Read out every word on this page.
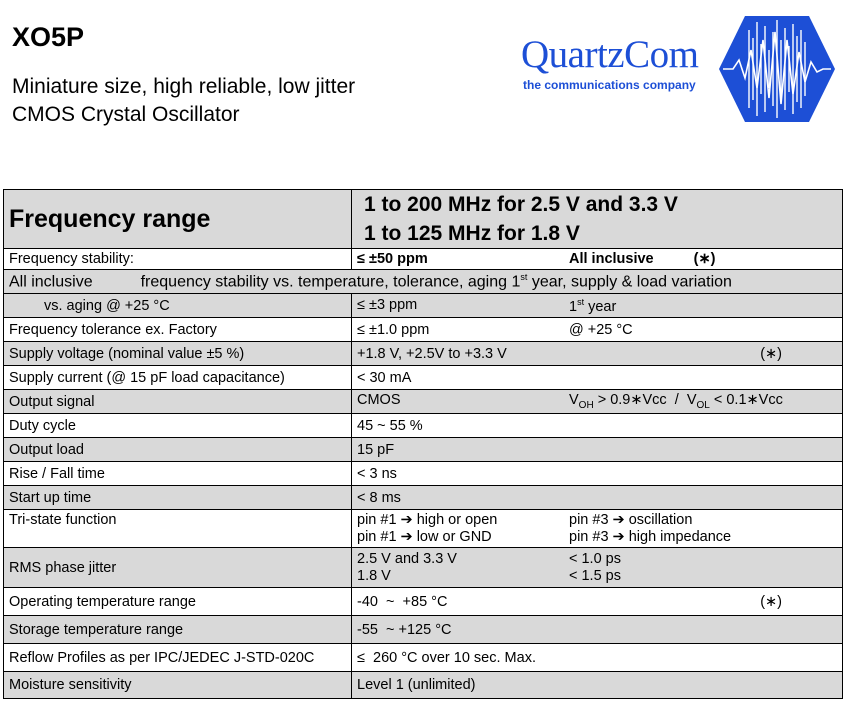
XO5P
Miniature size, high reliable, low jitter
CMOS Crystal Oscillator
QuartzCom
the communications company
Frequency range	1 to 200 MHz for 2.5 V and 3.3 V
1 to 125 MHz for 1.8 V

Frequency stability:	≤ ±50 ppm All inclusive (∗)

All inclusive frequency stability vs. temperature, tolerance, aging 1st year, supply & load variation	
vs. aging @ +25 °C	≤ ±3 ppm 1st year

Frequency tolerance ex. Factory	≤ ±1.0 ppm @ +25 °C

Supply voltage (nominal value ±5 %)	+1.8 V, +2.5V to +3.3 V (∗)

Supply current (@ 15 pF load capacitance)	< 30 mA
Output signal	CMOS $V_{OH}$ > 0.9∗Vcc  /  $V_{OL}$ < 0.1∗Vcc

Duty cycle	45 ~ 55 %
Output load	15 pF
Rise / Fall time	< 3 ns
Start up time	< 8 ms
Tri-state function	pin #1 ➔ high or open pin #3 ➔ oscillation
pin #1 ➔ low or GND pin #3 ➔ high impedance

RMS phase jitter	2.5 V and 3.3 V < 1.0 ps
1.8 V < 1.5 ps

Operating temperature range	-40  ~  +85 °C (∗)

Storage temperature range	-55  ~ +125 °C
Reflow Profiles as per IPC/JEDEC J-STD-020C	≤  260 °C over 10 sec. Max.
Moisture sensitivity	Level 1 (unlimited)
